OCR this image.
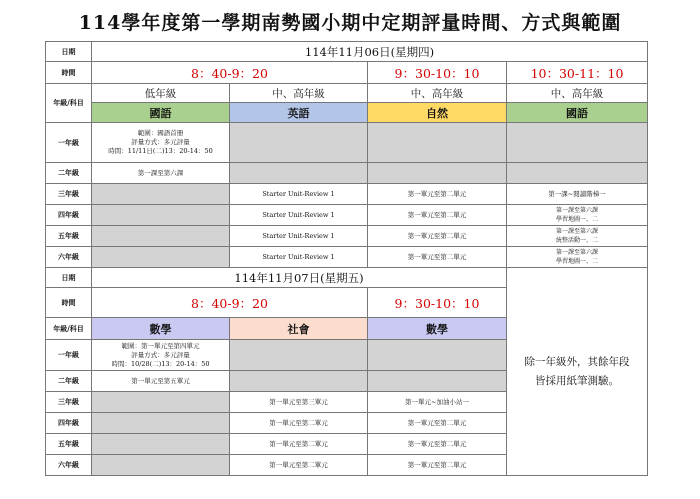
114學年度第一學期南勢國小期中定期評量時間、方式與範圍
日期	114年11月06日(星期四)			
時間	8：40-9：20		9：30-10：10	10：30-11：10
年級/科目	低年級	中、高年級	中、高年級	中、高年級
	國語	英語	自然	國語
一年級	範圍：國語首冊
評量方式：多元評量
時間：11/11日(二)13：20-14：50			

二年級	第一課至第六課			
三年級		Starter Unit-Review 1	第一單元至第二單元	第一課~閱讀階梯一
四年級		Starter Unit-Review 1	第一單元至第二單元	第一課至第六課
學習地圖一、二

五年級		Starter Unit-Review 1	第一單元至第二單元	第一課至第六課
統整活動一、二

六年級		Starter Unit-Review 1	第一單元至第二單元	第一課至第六課
學習地圖一、二

日期	114年11月07日(星期五)			除一年級外，其餘年段
皆採用紙筆測驗。

時間	8：40-9：20		9：30-10：10	
年級/科目	數學	社會	數學	
一年級	範圍：第一單元至第四單元
評量方式：多元評量
時間：10/28(二)13：20-14：50			

二年級	第一單元至第五單元			
三年級		第一單元至第三單元	第一單元~加油小站一	
四年級		第一單元至第二單元	第一單元至第二單元	
五年級		第一單元至第二單元	第一單元至第二單元	
六年級		第一單元至第二單元	第一單元至第二單元	
